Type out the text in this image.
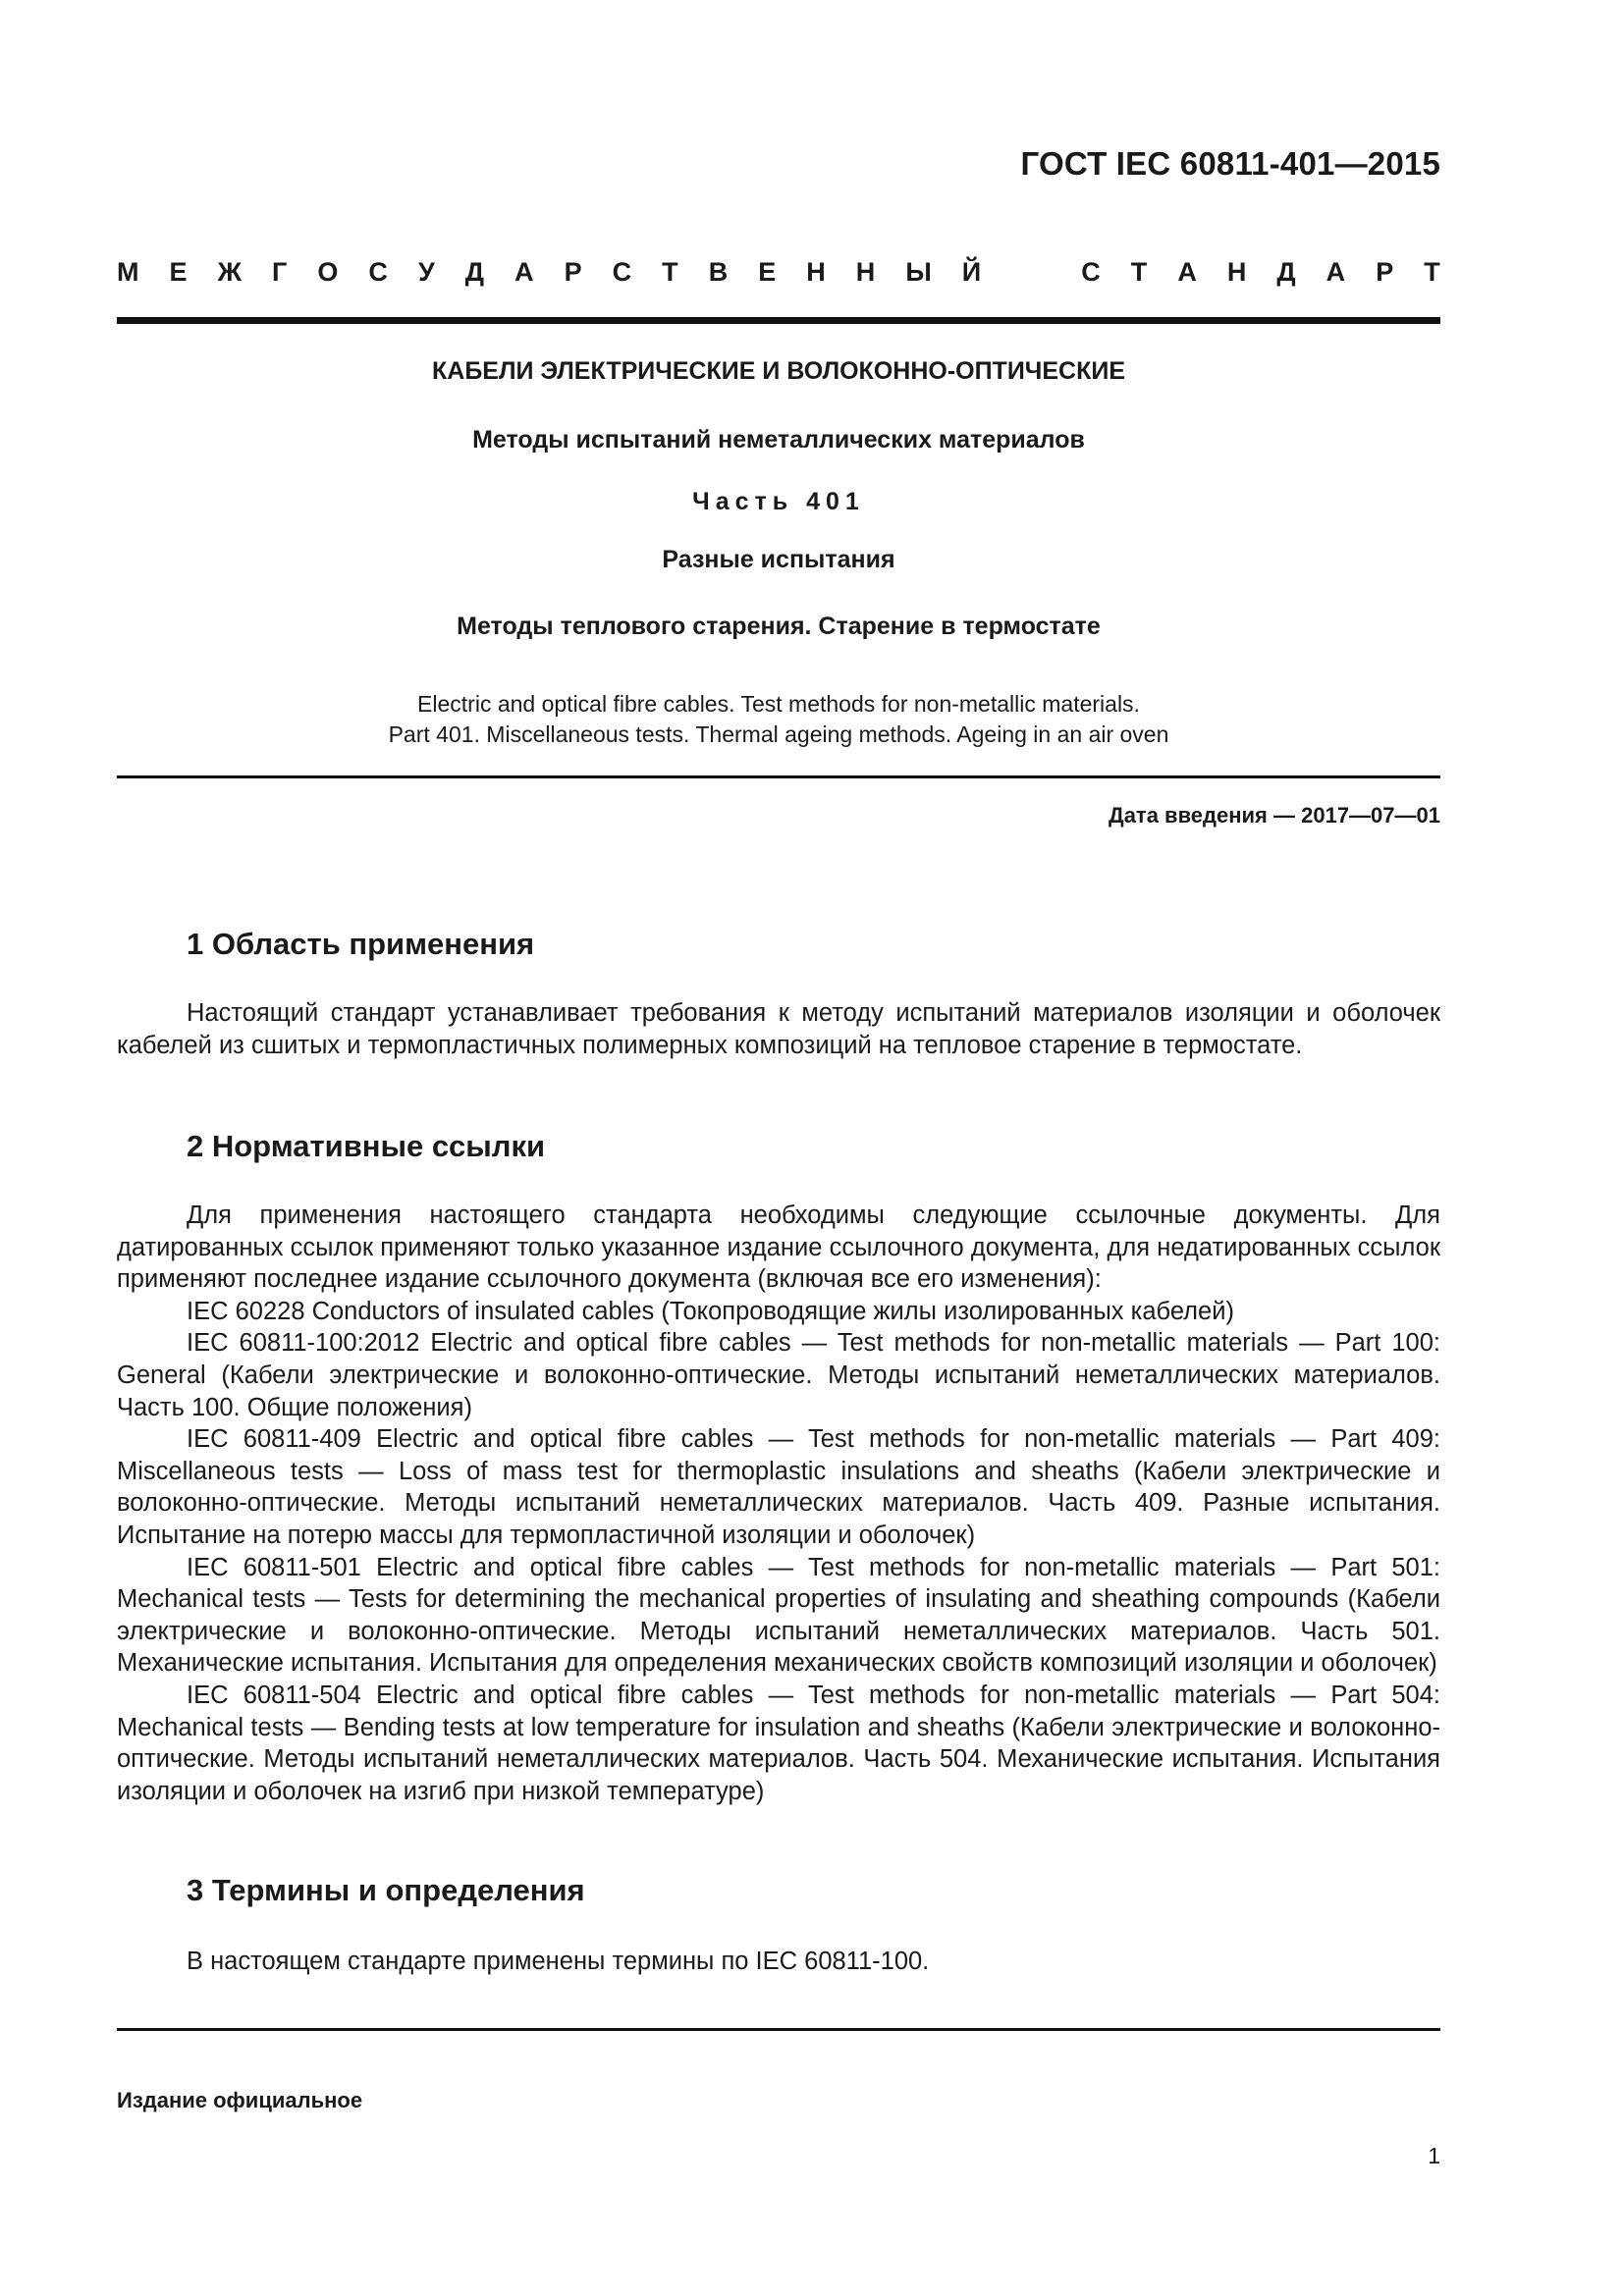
ГОСТ IEC 60811-401—2015
М Е Ж Г О С У Д А Р С Т В Е Н Н Ы Й	С Т А Н Д А Р Т
КАБЕЛИ ЭЛЕКТРИЧЕСКИЕ И ВОЛОКОННО-ОПТИЧЕСКИЕ
Методы испытаний неметаллических материалов
Часть 401
Разные испытания
Методы теплового старения. Старение в термостате
Electric and optical fibre cables. Test methods for non-metallic materials.
Part 401. Miscellaneous tests. Thermal ageing methods. Ageing in an air oven
Дата введения — 2017—07—01
1 Область применения

Настоящий стандарт устанавливает требования к методу испытаний материалов изоляции и оболочек кабелей из сшитых и термопластичных полимерных композиций на тепловое старение в термостате.

2 Нормативные ссылки

Для применения настоящего стандарта необходимы следующие ссылочные документы. Для датированных ссылок применяют только указанное издание ссылочного документа, для недатированных ссылок применяют последнее издание ссылочного документа (включая все его изменения):

IEC 60228 Conductors of insulated cables (Токопроводящие жилы изолированных кабелей)

IEC 60811-100:2012 Electric and optical fibre cables — Test methods for non-metallic materials — Part 100: General (Кабели электрические и волоконно-оптические. Методы испытаний неметаллических материалов. Часть 100. Общие положения)

IEC 60811-409 Electric and optical fibre cables — Test methods for non-metallic materials — Part 409: Miscellaneous tests — Loss of mass test for thermoplastic insulations and sheaths (Кабели электрические и волоконно-оптические. Методы испытаний неметаллических материалов. Часть 409. Разные испытания. Испытание на потерю массы для термопластичной изоляции и оболочек)

IEC 60811-501 Electric and optical fibre cables — Test methods for non-metallic materials — Part 501: Mechanical tests — Tests for determining the mechanical properties of insulating and sheathing compounds (Кабели электрические и волоконно-оптические. Методы испытаний неметаллических материалов. Часть 501. Механические испытания. Испытания для определения механических свойств композиций изоляции и оболочек)

IEC 60811-504 Electric and optical fibre cables — Test methods for non-metallic materials — Part 504: Mechanical tests — Bending tests at low temperature for insulation and sheaths (Кабели электрические и волоконно-оптические. Методы испытаний неметаллических материалов. Часть 504. Механические испытания. Испытания изоляции и оболочек на изгиб при низкой температуре)

3 Термины и определения

В настоящем стандарте применены термины по IEC 60811-100.

Издание официальное
1
